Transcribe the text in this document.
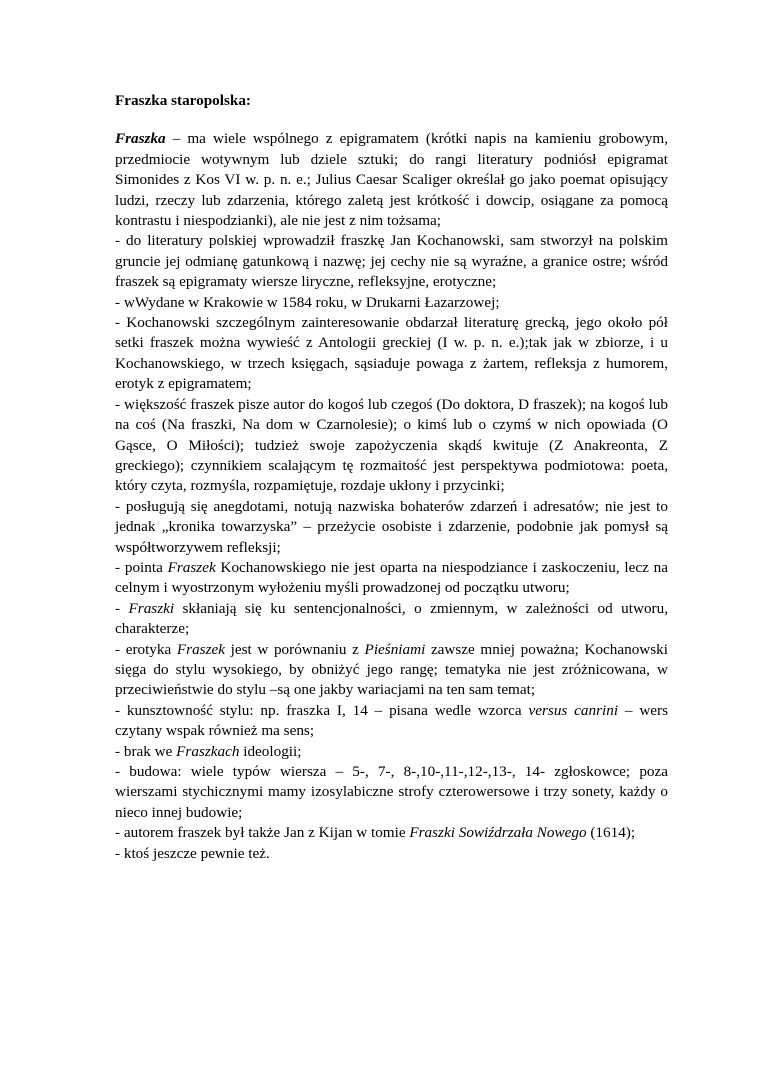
Fraszka staropolska:

Fraszka – ma wiele wspólnego z epigramatem (krótki napis na kamieniu grobowym, przedmiocie wotywnym lub dziele sztuki; do rangi literatury podniósł epigramat Simonides z Kos VI w. p. n. e.; Julius Caesar Scaliger określał go jako poemat opisujący ludzi, rzeczy lub zdarzenia, którego zaletą jest krótkość i dowcip, osiągane za pomocą kontrastu i niespodzianki), ale nie jest z nim tożsama;

- do literatury polskiej wprowadził fraszkę Jan Kochanowski, sam stworzył na polskim gruncie jej odmianę gatunkową i nazwę; jej cechy nie są wyraźne, a granice ostre; wśród fraszek są epigramaty wiersze liryczne, refleksyjne, erotyczne;

- wWydane w Krakowie w 1584 roku, w Drukarni Łazarzowej;

- Kochanowski szczególnym zainteresowanie obdarzał literaturę grecką, jego około pół setki fraszek można wywieść z Antologii greckiej (I w. p. n. e.);tak jak w zbiorze, i u Kochanowskiego, w trzech księgach, sąsiaduje powaga z żartem, refleksja z humorem, erotyk z epigramatem;

- większość fraszek pisze autor do kogoś lub czegoś (Do doktora, D fraszek); na kogoś lub na coś (Na fraszki, Na dom w Czarnolesie); o kimś lub o czymś w nich opowiada (O Gąsce, O Miłości); tudzież swoje zapożyczenia skądś kwituje (Z Anakreonta, Z greckiego); czynnikiem scalającym tę rozmaitość jest perspektywa podmiotowa: poeta, który czyta, rozmyśla, rozpamiętuje, rozdaje ukłony i przycinki;

- posługują się anegdotami, notują nazwiska bohaterów zdarzeń i adresatów; nie jest to jednak „kronika towarzyska” – przeżycie osobiste i zdarzenie, podobnie jak pomysł są współtworzywem refleksji;

- pointa Fraszek Kochanowskiego nie jest oparta na niespodziance i zaskoczeniu, lecz na celnym i wyostrzonym wyłożeniu myśli prowadzonej od początku utworu;

- Fraszki skłaniają się ku sentencjonalności, o zmiennym, w zależności od utworu, charakterze;

- erotyka Fraszek jest w porównaniu z Pieśniami zawsze mniej poważna; Kochanowski sięga do stylu wysokiego, by obniżyć jego rangę; tematyka nie jest zróżnicowana, w przeciwieństwie do stylu –są one jakby wariacjami na ten sam temat;

- kunsztowność stylu: np. fraszka I, 14 – pisana wedle wzorca versus canrini – wers czytany wspak również ma sens;

- brak we Fraszkach ideologii;

- budowa: wiele typów wiersza – 5-, 7-, 8-,10-,11-,12-,13-, 14- zgłoskowce; poza wierszami stychicznymi mamy izosylabiczne strofy czterowersowe i trzy sonety, każdy o nieco innej budowie;

- autorem fraszek był także Jan z Kijan w tomie Fraszki Sowiźdrzała Nowego (1614);

- ktoś jeszcze pewnie też.
